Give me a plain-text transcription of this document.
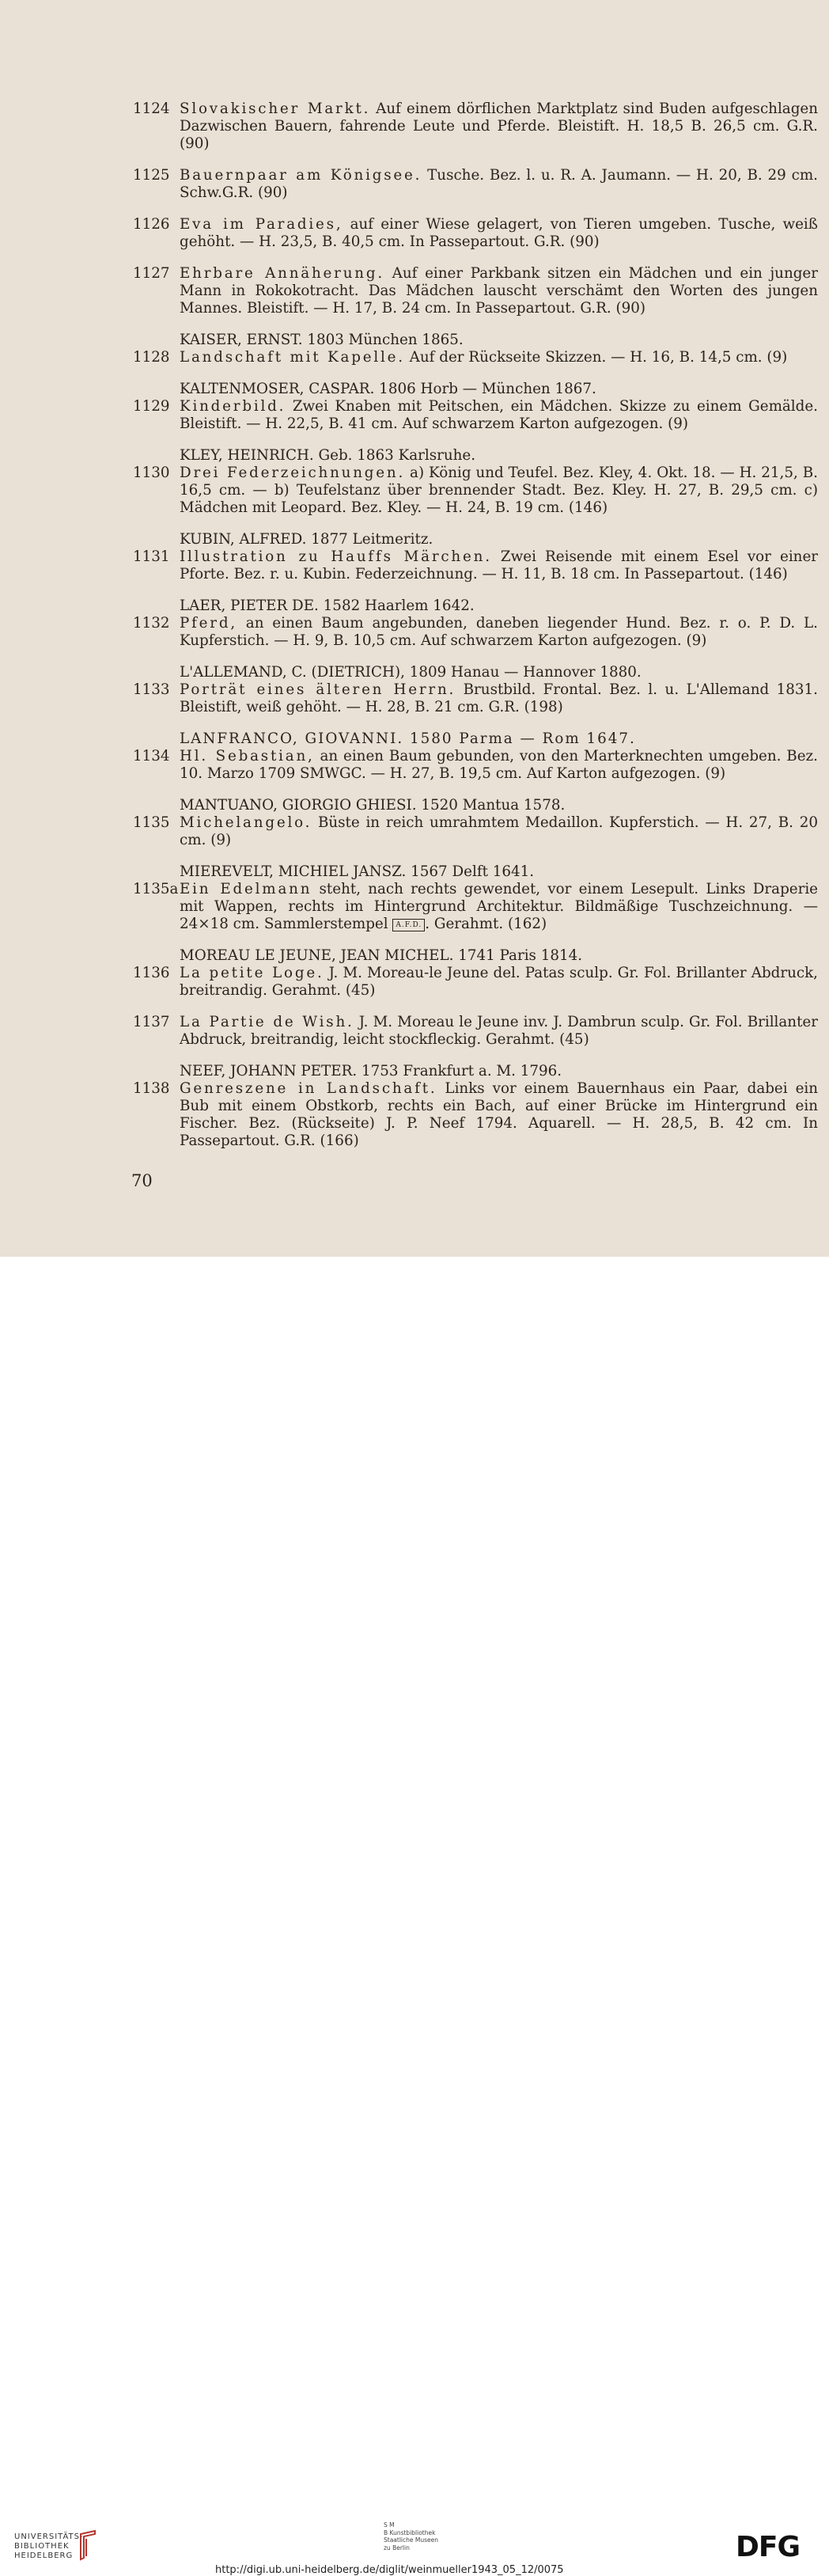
1124 Slovakischer Markt. Auf einem dörflichen Marktplatz sind Buden aufgeschlagen Dazwischen Bauern, fahrende Leute und Pferde. Bleistift. H. 18,5 B. 26,5 cm. G.R. (90)
1125 Bauernpaar am Königsee. Tusche. Bez. l. u. R. A. Jaumann. — H. 20, B. 29 cm. Schw.G.R. (90)
1126 Eva im Paradies, auf einer Wiese gelagert, von Tieren umgeben. Tusche, weiß gehöht. — H. 23,5, B. 40,5 cm. In Passepartout. G.R. (90)
1127 Ehrbare Annäherung. Auf einer Parkbank sitzen ein Mädchen und ein junger Mann in Rokokotracht. Das Mädchen lauscht verschämt den Worten des jungen Mannes. Bleistift. — H. 17, B. 24 cm. In Passepartout. G.R. (90)
KAISER, ERNST. 1803 München 1865.
1128 Landschaft mit Kapelle. Auf der Rückseite Skizzen. — H. 16, B. 14,5 cm. (9)
KALTENMOSER, CASPAR. 1806 Horb — München 1867.
1129 Kinderbild. Zwei Knaben mit Peitschen, ein Mädchen. Skizze zu einem Gemälde. Bleistift. — H. 22,5, B. 41 cm. Auf schwarzem Karton aufgezogen. (9)
KLEY, HEINRICH. Geb. 1863 Karlsruhe.
1130 Drei Federzeichnungen. a) König und Teufel. Bez. Kley, 4. Okt. 18. — H. 21,5, B. 16,5 cm. — b) Teufelstanz über brennender Stadt. Bez. Kley. H. 27, B. 29,5 cm. c) Mädchen mit Leopard. Bez. Kley. — H. 24, B. 19 cm. (146)
KUBIN, ALFRED. 1877 Leitmeritz.
1131 Illustration zu Hauffs Märchen. Zwei Reisende mit einem Esel vor einer Pforte. Bez. r. u. Kubin. Federzeichnung. — H. 11, B. 18 cm. In Passepartout. (146)
LAER, PIETER DE. 1582 Haarlem 1642.
1132 Pferd, an einen Baum angebunden, daneben liegender Hund. Bez. r. o. P. D. L. Kupferstich. — H. 9, B. 10,5 cm. Auf schwarzem Karton aufgezogen. (9)
L'ALLEMAND, C. (DIETRICH), 1809 Hanau — Hannover 1880.
1133 Porträt eines älteren Herrn. Brustbild. Frontal. Bez. l. u. L'Allemand 1831. Bleistift, weiß gehöht. — H. 28, B. 21 cm. G.R. (198)
LANFRANCO, GIOVANNI. 1580 Parma — Rom 1647.
1134 Hl. Sebastian, an einen Baum gebunden, von den Marterknechten umgeben. Bez. 10. Marzo 1709 SMWGC. — H. 27, B. 19,5 cm. Auf Karton aufgezogen. (9)
MANTUANO, GIORGIO GHIESI. 1520 Mantua 1578.
1135 Michelangelo. Büste in reich umrahmtem Medaillon. Kupferstich. — H. 27, B. 20 cm. (9)
MIEREVELT, MICHIEL JANSZ. 1567 Delft 1641.
1135a Ein Edelmann steht, nach rechts gewendet, vor einem Lesepult. Links Draperie mit Wappen, rechts im Hintergrund Architektur. Bildmäßige Tuschzeichnung. — 24×18 cm. Sammlerstempel A.F.D. . Gerahmt. (162)
MOREAU LE JEUNE, JEAN MICHEL. 1741 Paris 1814.
1136 La petite Loge. J. M. Moreau-le Jeune del. Patas sculp. Gr. Fol. Brillanter Abdruck, breitrandig. Gerahmt. (45)
1137 La Partie de Wish. J. M. Moreau le Jeune inv. J. Dambrun sculp. Gr. Fol. Brillanter Abdruck, breitrandig, leicht stockfleckig. Gerahmt. (45)
NEEF, JOHANN PETER. 1753 Frankfurt a. M. 1796.
1138 Genreszene in Landschaft. Links vor einem Bauernhaus ein Paar, dabei ein Bub mit einem Obstkorb, rechts ein Bach, auf einer Brücke im Hintergrund ein Fischer. Bez. (Rückseite) J. P. Neef 1794. Aquarell. — H. 28,5, B. 42 cm. In Passepartout. G.R. (166)
70
UNIVERSITÄTS-
BIBLIOTHEK
HEIDELBERG
S M
B Kunstbibliothek
Staatliche Museen
zu Berlin	DFG
http://digi.ub.uni-heidelberg.de/diglit/weinmueller1943_05_12/0075
